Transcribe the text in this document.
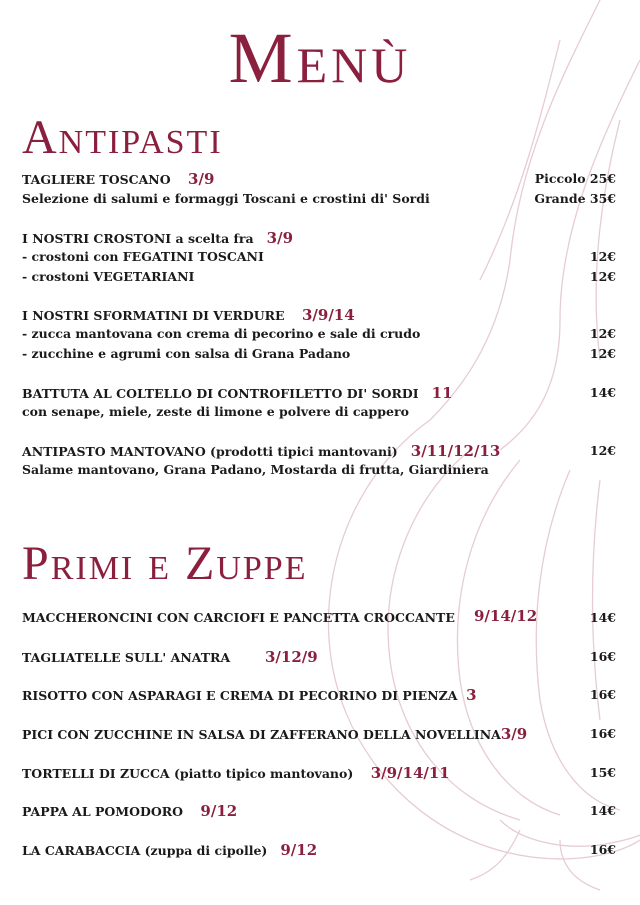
Menù
Antipasti
TAGLIERE TOSCANO 3/9	Piccolo 25€
Selezione di salumi e formaggi Toscani e crostini di' Sordi	Grande 35€
I NOSTRI CROSTONI a scelta fra 3/9
- crostoni con FEGATINI TOSCANI	12€
- crostoni VEGETARIANI	12€
I NOSTRI SFORMATINI DI VERDURE 3/9/14
- zucca mantovana con crema di pecorino e sale di crudo	12€
- zucchine e agrumi con salsa di Grana Padano	12€
BATTUTA AL COLTELLO DI CONTROFILETTO DI' SORDI 11	14€
con senape, miele, zeste di limone e polvere di cappero
ANTIPASTO MANTOVANO (prodotti tipici mantovani) 3/11/12/13	12€
Salame mantovano, Grana Padano, Mostarda di frutta, Giardiniera
Primi e Zuppe
MACCHERONCINI CON CARCIOFI E PANCETTA CROCCANTE 9/14/12	14€
TAGLIATELLE SULL' ANATRA 3/12/9	16€
RISOTTO CON ASPARAGI E CREMA DI PECORINO DI PIENZA 3	16€
PICI CON ZUCCHINE IN SALSA DI ZAFFERANO DELLA NOVELLINA3/9	16€
TORTELLI DI ZUCCA (piatto tipico mantovano) 3/9/14/11	15€
PAPPA AL POMODORO 9/12	14€
LA CARABACCIA (zuppa di cipolle) 9/12	16€
